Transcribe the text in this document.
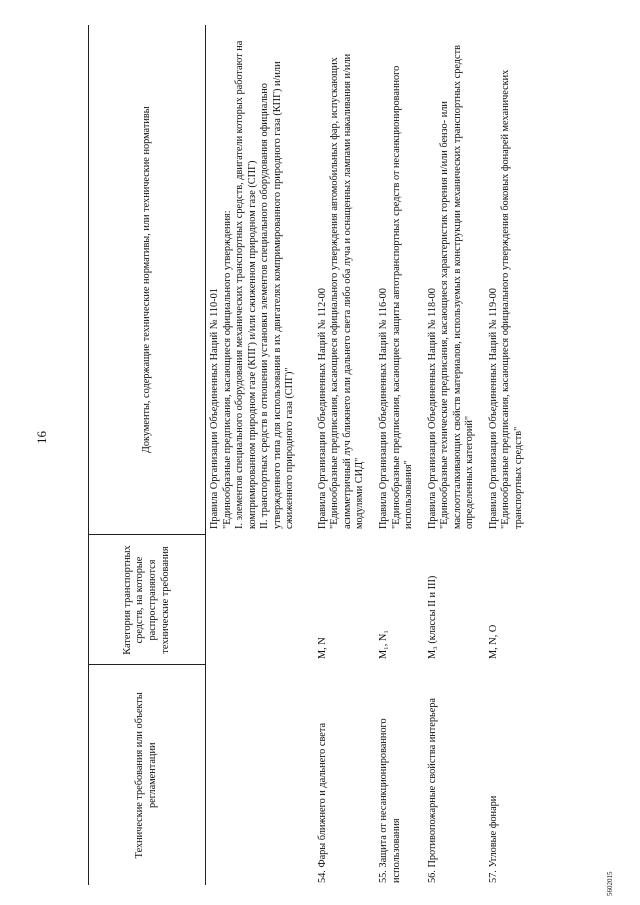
16
5602015
Технические требования или объекты регламентации	Категория транспортных средств, на которые распространяются технические требования	Документы, содержащие технические нормативы, или технические нормативы

		Правила Организации Объединенных Наций № 110-01 "Единообразные предписания, касающиеся официального утверждения: I. элементов специального оборудования механических транспортных средств, двигатели которых работают на компримированном природном газе (КПГ) и/или сжиженном природном газе (СПГ) II. транспортных средств в отношении установки элементов специального оборудования официально утвержденного типа для использования в их двигателях компримированного природного газа (КПГ) и/или сжиженного природного газа (СПГ)"

54. Фары ближнего и дальнего света	M, N	Правила Организации Объединенных Наций № 112-00 "Единообразные предписания, касающиеся официального утверждения автомобильных фар, испускающих асимметричный луч ближнего или дальнего света либо оба луча и оснащенных лампами накаливания и/или модулями СИД"

55. Защита от несанкционированного использования	M₁, N₁	Правила Организации Объединенных Наций № 116-00 "Единообразные предписания, касающиеся защиты автотранспортных средств от несанкционированного использования"

56. Противопожарные свойства интерьера	M₃ (классы II и III)	Правила Организации Объединенных Наций № 118-00 "Единообразные технические предписания, касающиеся характеристик горения и/или бензо- или маслоотталкивающих свойств материалов, используемых в конструкции механических транспортных средств определенных категорий"

57. Угловые фонари	M, N, O	Правила Организации Объединенных Наций № 119-00 "Единообразные предписания, касающиеся официального утверждения боковых фонарей механических транспортных средств"
